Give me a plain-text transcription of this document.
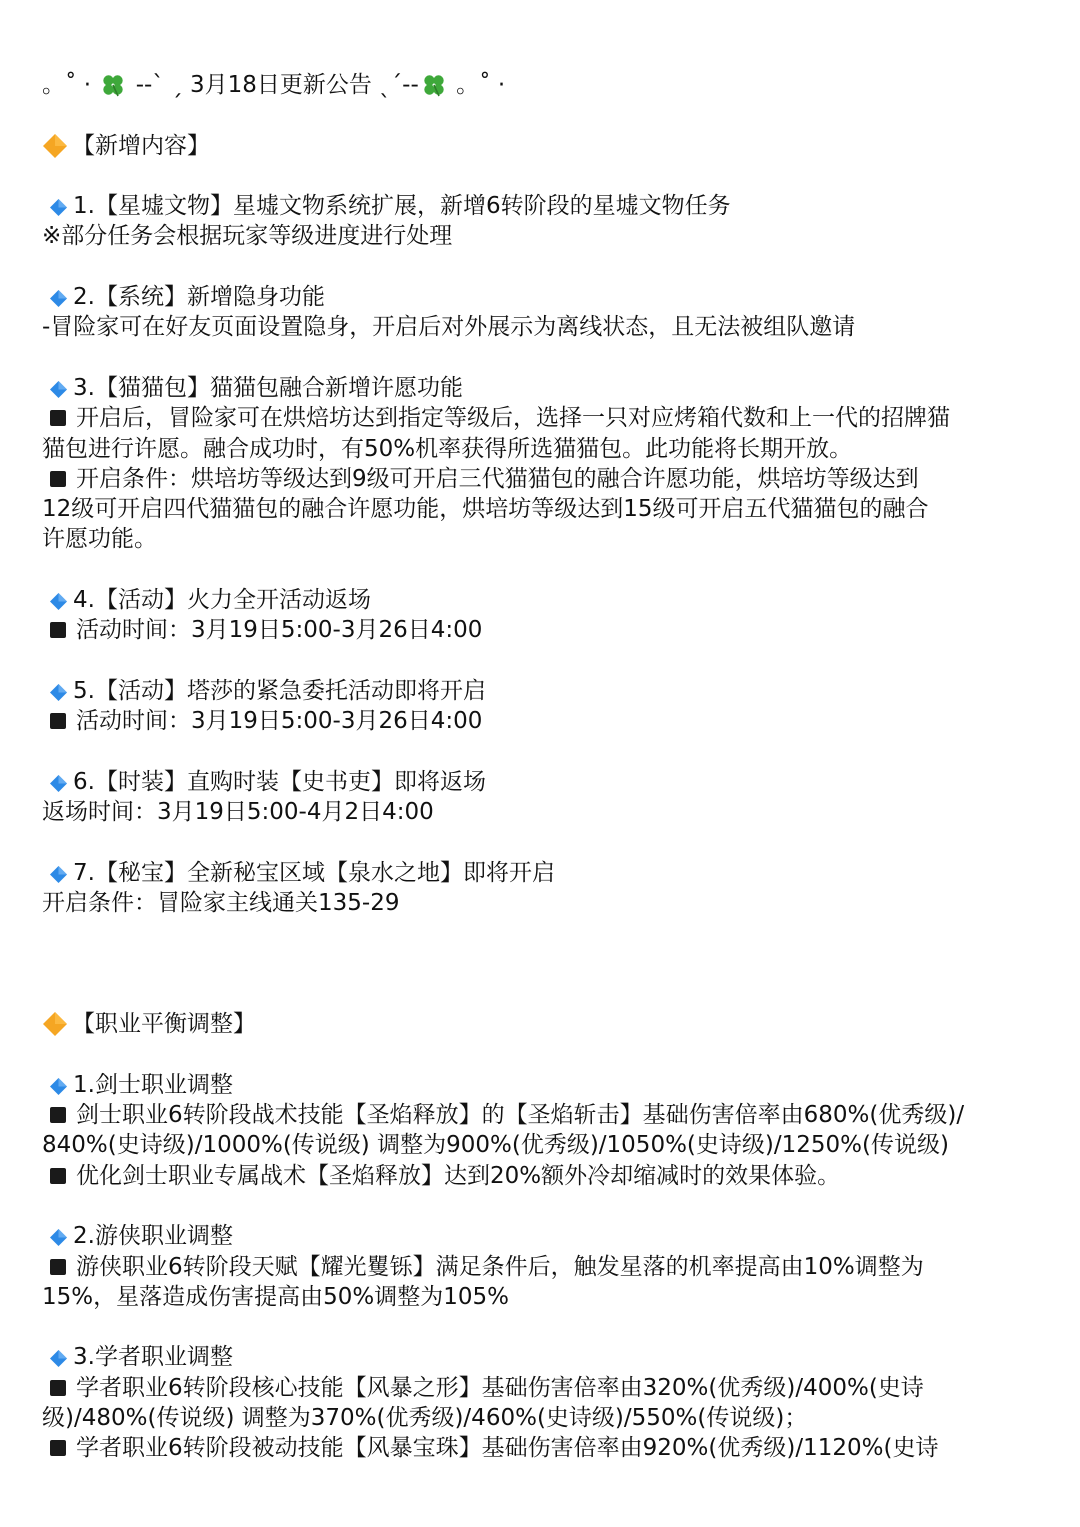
。˚ ·  --ˋ ˏ 3月18日更新公告 ˎˊ-- 。˚ ·
【新增内容】
1.【星墟文物】星墟文物系统扩展，新增6转阶段的星墟文物任务
※部分任务会根据玩家等级进度进行处理
2.【系统】新增隐身功能
-冒险家可在好友页面设置隐身，开启后对外展示为离线状态，且无法被组队邀请
3.【猫猫包】猫猫包融合新增许愿功能
开启后，冒险家可在烘焙坊达到指定等级后，选择一只对应烤箱代数和上一代的招牌猫
猫包进行许愿。融合成功时，有50%机率获得所选猫猫包。此功能将长期开放。
开启条件：烘培坊等级达到9级可开启三代猫猫包的融合许愿功能，烘培坊等级达到
12级可开启四代猫猫包的融合许愿功能，烘培坊等级达到15级可开启五代猫猫包的融合
许愿功能。
4.【活动】火力全开活动返场
活动时间：3月19日5:00-3月26日4:00
5.【活动】塔莎的紧急委托活动即将开启
活动时间：3月19日5:00-3月26日4:00
6.【时装】直购时装【史书吏】即将返场
返场时间：3月19日5:00-4月2日4:00
7.【秘宝】全新秘宝区域【泉水之地】即将开启
开启条件：冒险家主线通关135-29
【职业平衡调整】
1.剑士职业调整
剑士职业6转阶段战术技能【圣焰释放】的【圣焰斩击】基础伤害倍率由680%(优秀级)/
840%(史诗级)/1000%(传说级) 调整为900%(优秀级)/1050%(史诗级)/1250%(传说级)
优化剑士职业专属战术【圣焰释放】达到20%额外冷却缩减时的效果体验。
2.游侠职业调整
游侠职业6转阶段天赋【耀光矍铄】满足条件后，触发星落的机率提高由10%调整为
15%，星落造成伤害提高由50%调整为105%
3.学者职业调整
学者职业6转阶段核心技能【风暴之形】基础伤害倍率由320%(优秀级)/400%(史诗
级)/480%(传说级) 调整为370%(优秀级)/460%(史诗级)/550%(传说级)；
学者职业6转阶段被动技能【风暴宝珠】基础伤害倍率由920%(优秀级)/1120%(史诗
